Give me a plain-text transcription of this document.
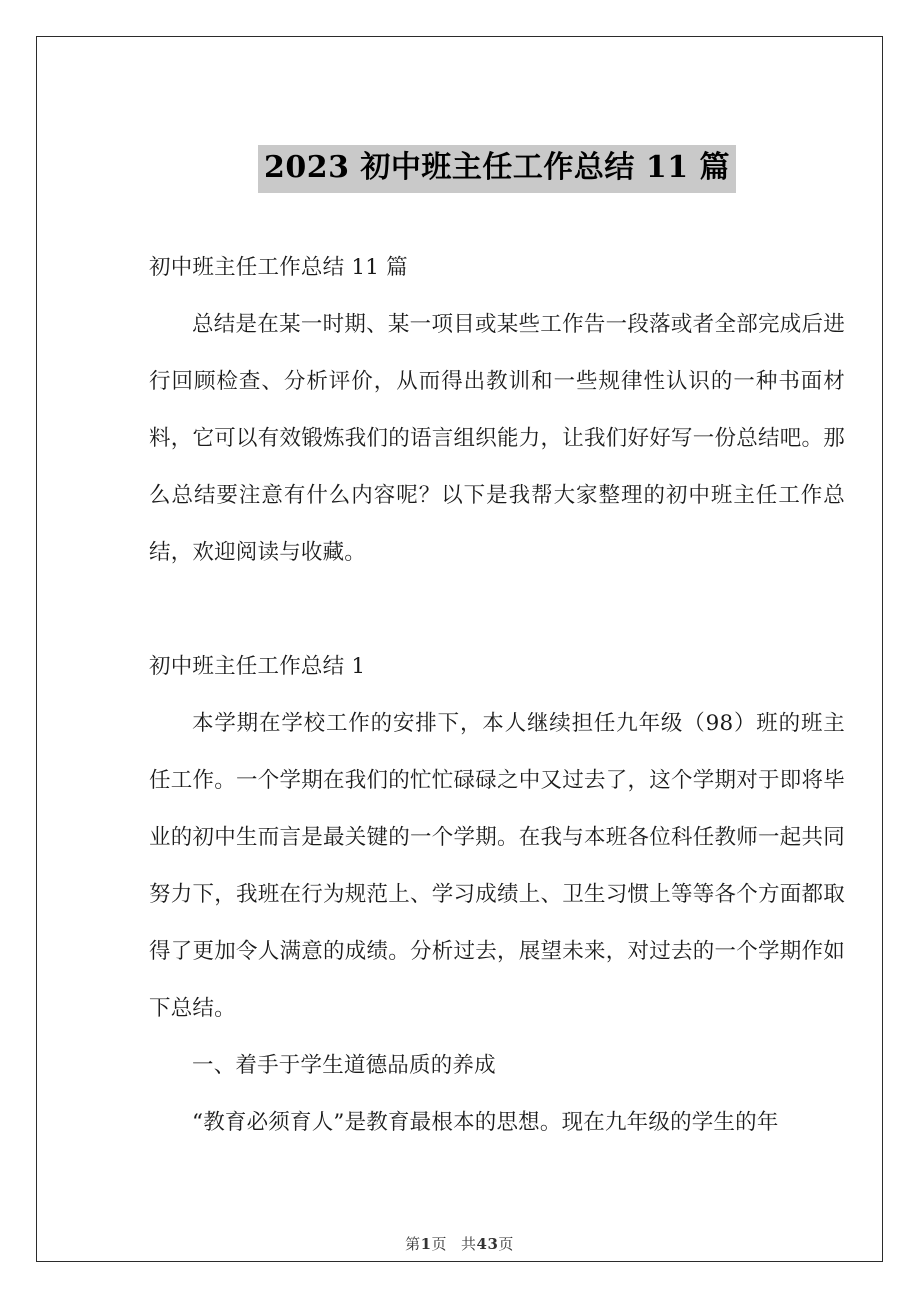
2023 初中班主任工作总结 11 篇

初中班主任工作总结 11 篇

总结是在某一时期、某一项目或某些工作告一段落或者全部完成后进行回顾检查、分析评价，从而得出教训和一些规律性认识的一种书面材料，它可以有效锻炼我们的语言组织能力，让我们好好写一份总结吧。那么总结要注意有什么内容呢？以下是我帮大家整理的初中班主任工作总结，欢迎阅读与收藏。

初中班主任工作总结 1

本学期在学校工作的安排下，本人继续担任九年级（98）班的班主任工作。一个学期在我们的忙忙碌碌之中又过去了，这个学期对于即将毕业的初中生而言是最关键的一个学期。在我与本班各位科任教师一起共同努力下，我班在行为规范上、学习成绩上、卫生习惯上等等各个方面都取得了更加令人满意的成绩。分析过去，展望未来，对过去的一个学期作如下总结。

一、着手于学生道德品质的养成

“教育必须育人”是教育最根本的思想。现在九年级的学生的年

第1页 共43页
